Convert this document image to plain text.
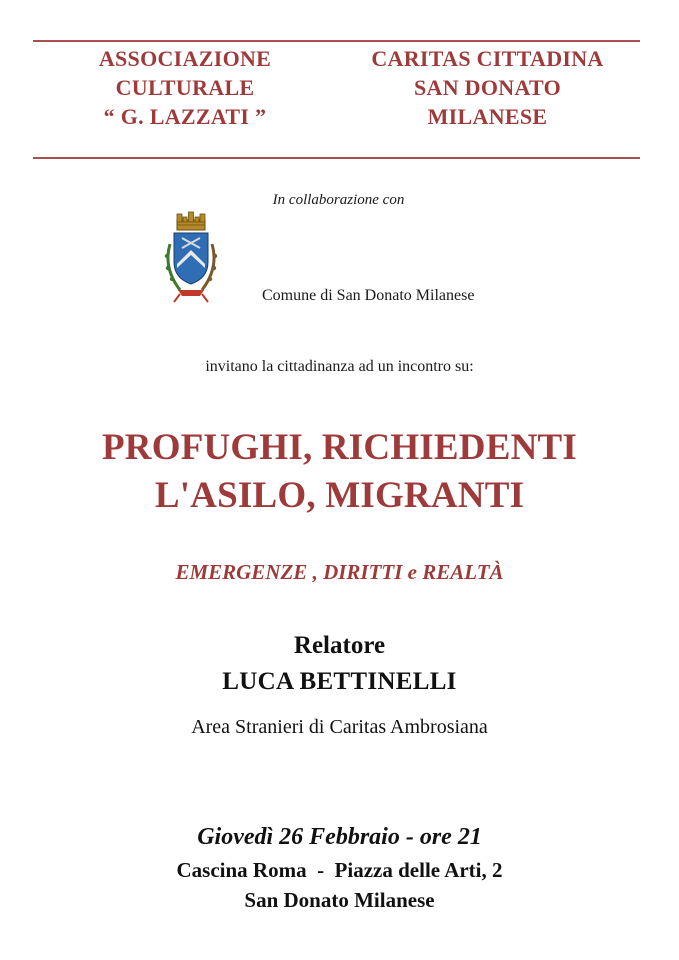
ASSOCIAZIONE
CULTURALE
“ G. LAZZATI ”
CARITAS CITTADINA
SAN DONATO
MILANESE
In collaborazione con
Comune di San Donato Milanese
invitano la cittadinanza ad un incontro su:
PROFUGHI, RICHIEDENTI
L'ASILO, MIGRANTI
EMERGENZE , DIRITTI e REALTÀ
Relatore
LUCA BETTINELLI
Area Stranieri di Caritas Ambrosiana
Giovedì 26 Febbraio - ore 21
Cascina Roma  -  Piazza delle Arti, 2
San Donato Milanese
